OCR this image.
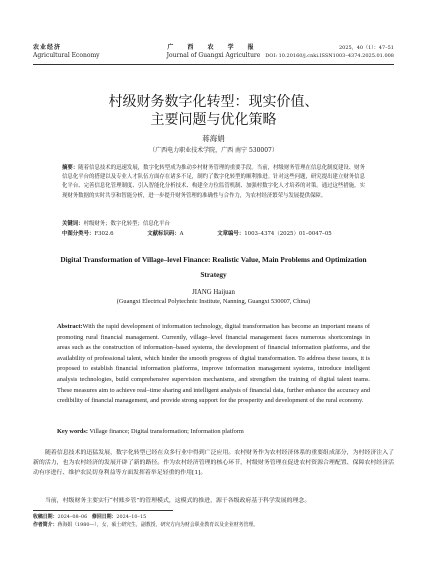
农业经济
Agricultural Economy
广 西 农 学 报
Journal of Guangxi Agriculture
2025，40（1）：47–51
DOI: 10.20160/j.cnki.ISSN1003–4374.2025.01.008
村级财务数字化转型：现实价值、
主要问题与优化策略
蒋海娟
（广西电力职业技术学院，广西 南宁 530007）
摘要：随着信息技术的迅速发展，数字化转型成为推动乡村财务管理的重要手段。当前，村级财务管理在信息化制度建设、财务信息化平台的搭建以及专业人才队伍方面存在诸多不足，制约了数字化转型的顺利推进。针对这些问题，研究提出建立财务信息化平台、完善信息化管理制度、引入智能化分析技术、构建全方位监管机制、加强村数字化人才培养的对策。通过这些措施，实现财务数据的实时共享和智能分析，进一步提升财务管理的准确性与合作力，为农村经济繁荣与发展提供保障。
关键词：村级财务；数字化转型；信息化平台
中图分类号：F302.6	文献标识码：A	文章编号：1003–4374（2025）01–0047–05
Digital Transformation of Village–level Finance: Realistic Value, Main Problems and Optimization
Strategy
JIANG Haijuan
(Guangxi Electrical Polytechnic Institute, Nanning, Guangxi 530007, China)
Abstract:With the rapid development of information technology, digital transformation has become an important means of promoting rural financial management. Currently, village–level financial management faces numerous shortcomings in areas such as the construction of information–based systems, the development of financial information platforms, and the availability of professional talent, which hinder the smooth progress of digital transformation. To address these issues, it is proposed to establish financial information platforms, improve information management systems, introduce intelligent analysis technologies, build comprehensive supervision mechanisms, and strengthen the training of digital talent teams. These measures aim to achieve real–time sharing and intelligent analysis of financial data, further enhance the accuracy and credibility of financial management, and provide strong support for the prosperity and development of the rural economy.
Key words: Village finance; Digital transformation; Information platform
随着信息技术的迅猛发展，数字化转型已经在众多行业中得到广泛应用。农村财务作为农村经济体系的重要组成部分，为村经济注入了新的活力，也为农村经济的发展开辟了新的路径。作为农村经济管理的核心环节，村级财务管理在促进农村资源合理配置、保障农村经济活动有序进行、维护农民切身利益等方面发挥着举足轻重的作用[1]。
当前，村级财务主要实行“村账乡管”的管理模式，这模式的推进，源于各级政府基于科学发展的理念。
收稿日期：2024–08–06 修回日期：2024–10–15
作者简介：蒋海娟（1980—），女，硕士研究生，副教授，研究方向为财会职业教育以及企业财务管理。
